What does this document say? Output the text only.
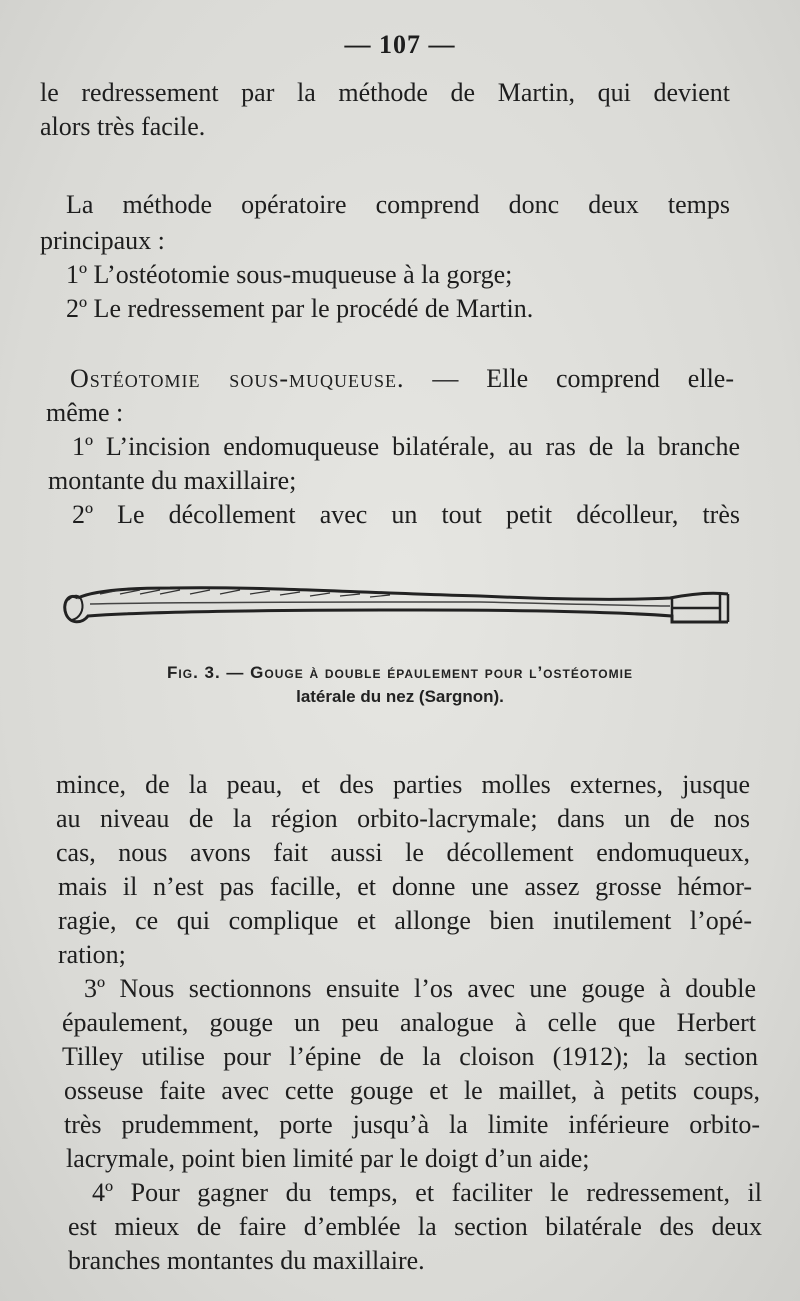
— 107 —
le redressement par la méthode de Martin, qui devient
alors très facile.
La méthode opératoire comprend donc deux temps
principaux :
1º L’ostéotomie sous-muqueuse à la gorge;
2º Le redressement par le procédé de Martin.
Ostéotomie sous-muqueuse. — Elle comprend elle-
même :
1º L’incision endomuqueuse bilatérale, au ras de la branche
montante du maxillaire;
2º Le décollement avec un tout petit décolleur, très
Fig. 3. — Gouge à double épaulement pour l’ostéotomie
latérale du nez (Sargnon).
mince, de la peau, et des parties molles externes, jusque
au niveau de la région orbito-lacrymale; dans un de nos
cas, nous avons fait aussi le décollement endomuqueux,
mais il n’est pas facille, et donne une assez grosse hémor-
ragie, ce qui complique et allonge bien inutilement l’opé-
ration;
3º Nous sectionnons ensuite l’os avec une gouge à double
épaulement, gouge un peu analogue à celle que Herbert
Tilley utilise pour l’épine de la cloison (1912); la section
osseuse faite avec cette gouge et le maillet, à petits coups,
très prudemment, porte jusqu’à la limite inférieure orbito-
lacrymale, point bien limité par le doigt d’un aide;
4º Pour gagner du temps, et faciliter le redressement, il
est mieux de faire d’emblée la section bilatérale des deux
branches montantes du maxillaire.
